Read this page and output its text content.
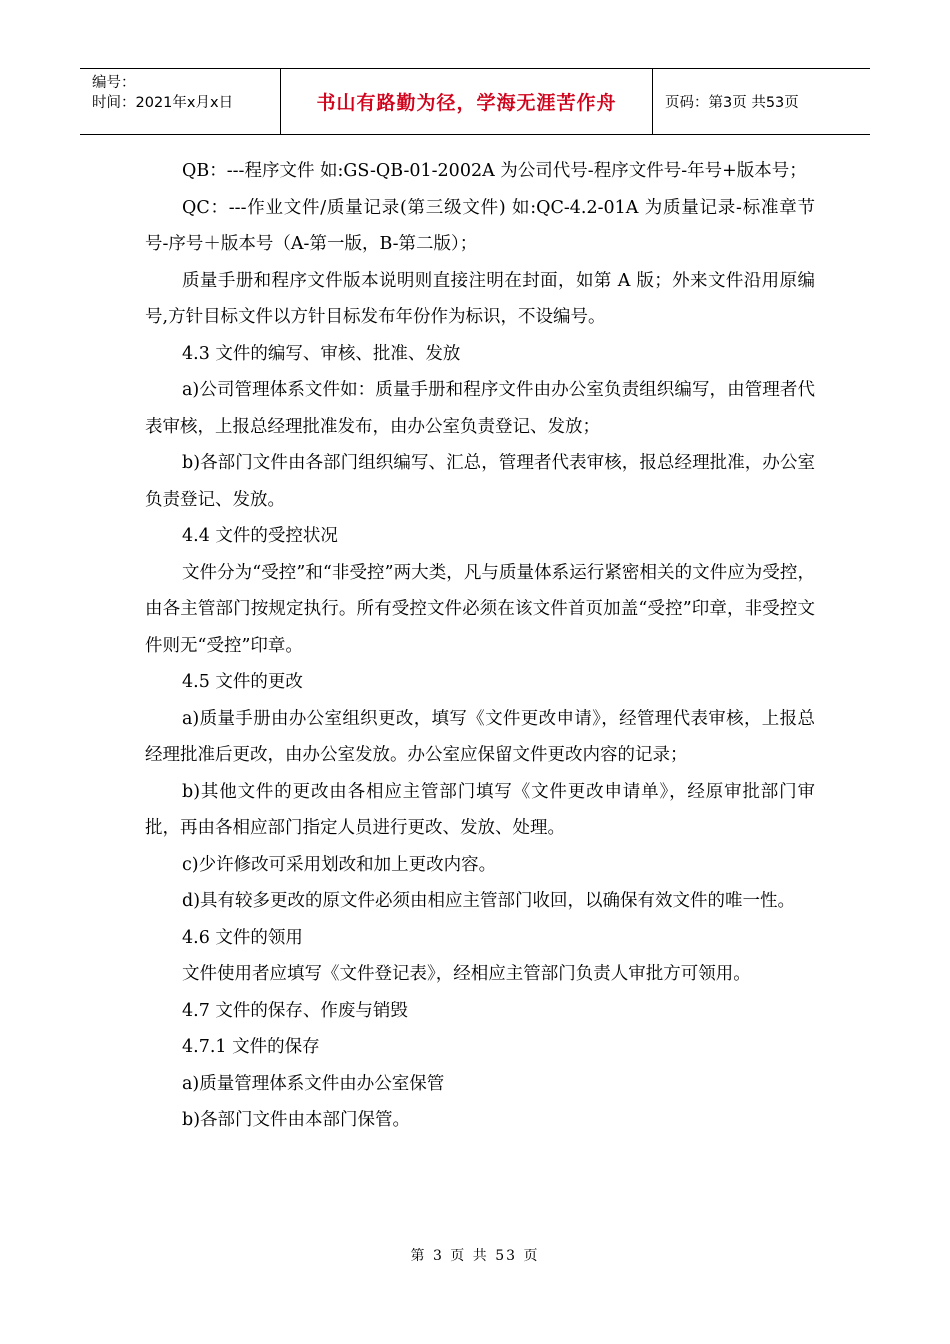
编号：
时间：2021年x月x日	书山有路勤为径，学海无涯苦作舟	页码：第3页 共53页

QB：---程序文件 如:GS-QB-01-2002A 为公司代号-程序文件号-年号+版本号；

QC：---作业文件/质量记录(第三级文件) 如:QC-4.2-01A 为质量记录-标准章节号-序号＋版本号（A-第一版，B-第二版）；

质量手册和程序文件版本说明则直接注明在封面，如第 A 版；外来文件沿用原编号,方针目标文件以方针目标发布年份作为标识，不设编号。

4.3 文件的编写、审核、批准、发放

a)公司管理体系文件如：质量手册和程序文件由办公室负责组织编写，由管理者代表审核，上报总经理批准发布，由办公室负责登记、发放；

b)各部门文件由各部门组织编写、汇总，管理者代表审核，报总经理批准，办公室负责登记、发放。

4.4 文件的受控状况

文件分为“受控”和“非受控”两大类，凡与质量体系运行紧密相关的文件应为受控，由各主管部门按规定执行。所有受控文件必须在该文件首页加盖“受控”印章，非受控文件则无“受控”印章。

4.5 文件的更改

a)质量手册由办公室组织更改，填写《文件更改申请》，经管理代表审核，上报总经理批准后更改，由办公室发放。办公室应保留文件更改内容的记录；

b)其他文件的更改由各相应主管部门填写《文件更改申请单》，经原审批部门审批，再由各相应部门指定人员进行更改、发放、处理。

c)少许修改可采用划改和加上更改内容。

d)具有较多更改的原文件必须由相应主管部门收回，以确保有效文件的唯一性。

4.6 文件的领用

文件使用者应填写《文件登记表》，经相应主管部门负责人审批方可领用。

4.7 文件的保存、作废与销毁

4.7.1 文件的保存

a)质量管理体系文件由办公室保管

b)各部门文件由本部门保管。

第 3 页 共 53 页
